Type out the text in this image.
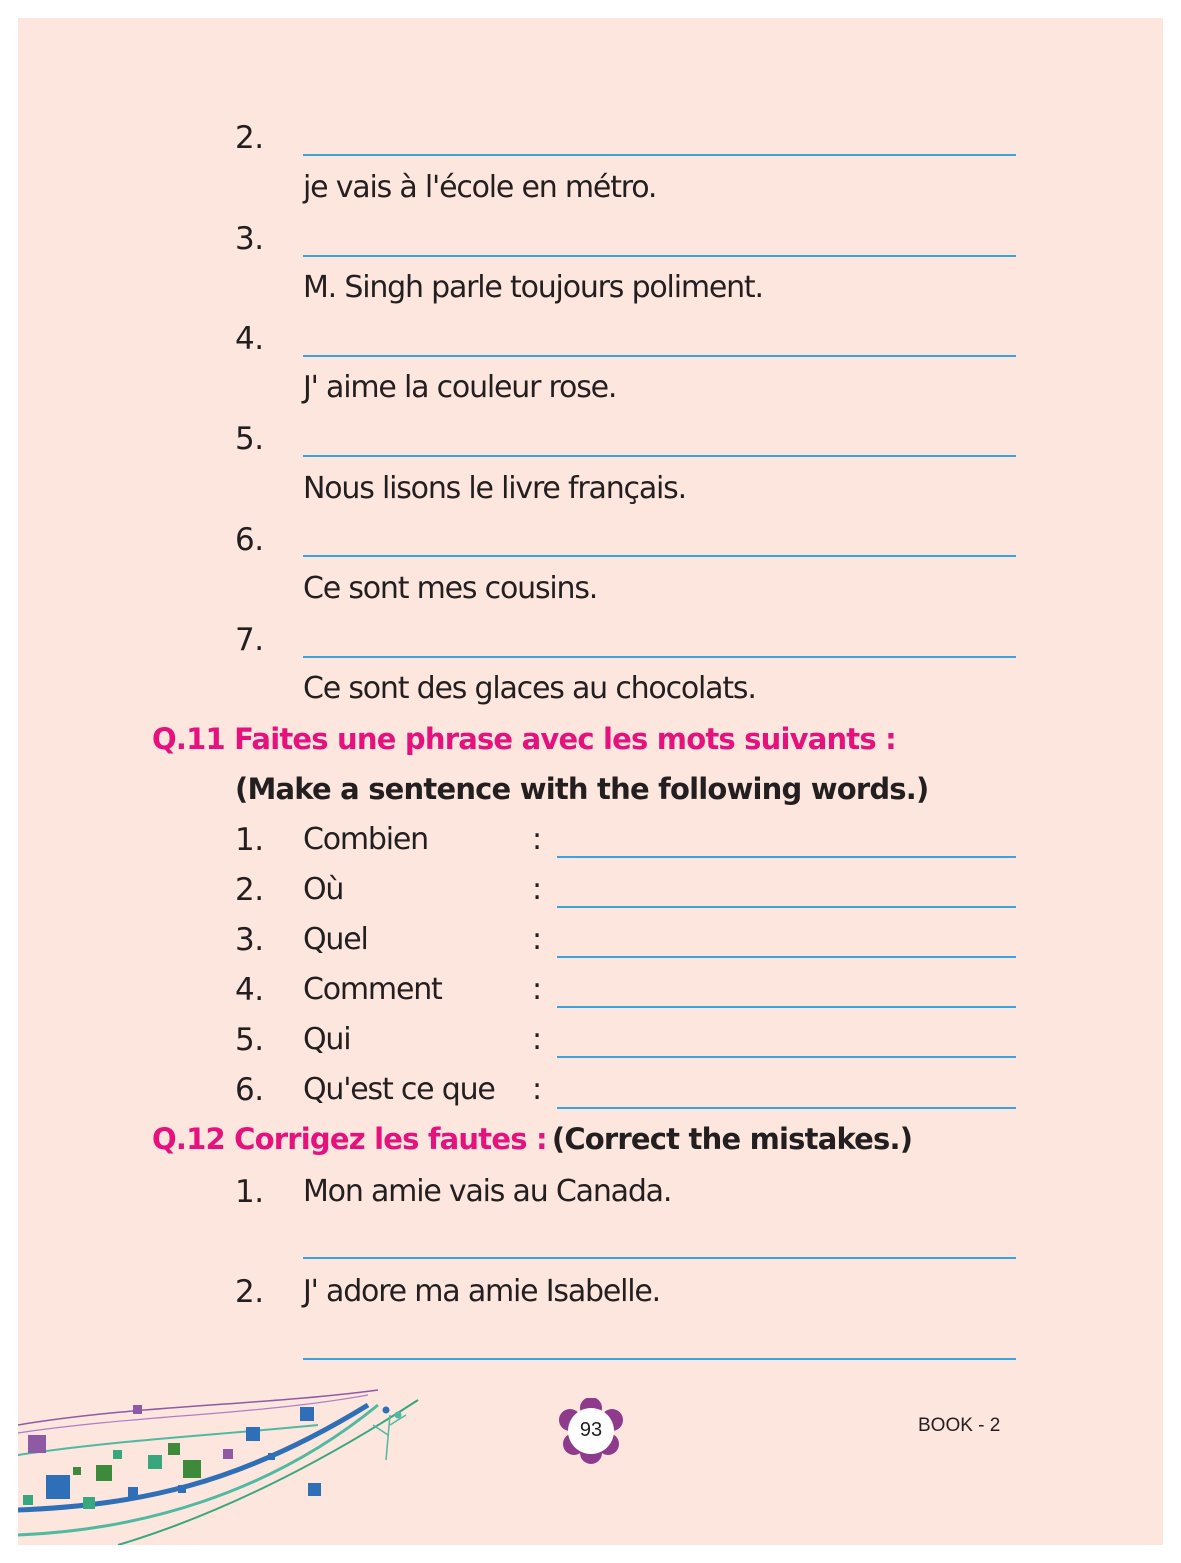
2.
je vais à l'école en métro.
3.
M. Singh parle toujours poliment.
4.
J' aime la couleur rose.
5.
Nous lisons le livre français.
6.
Ce sont mes cousins.
7.
Ce sont des glaces au chocolats.
Q.11 Faites une phrase avec les mots suivants :
(Make a sentence with the following words.)
1. Combien	:
2. Où	:
3. Quel	:
4. Comment	:
5. Qui	:
6. Qu'est ce que :
Q.12 Corrigez les fautes : (Correct the mistakes.)
1. Mon amie vais au Canada.
2. J' adore ma amie Isabelle.
93	BOOK - 2
